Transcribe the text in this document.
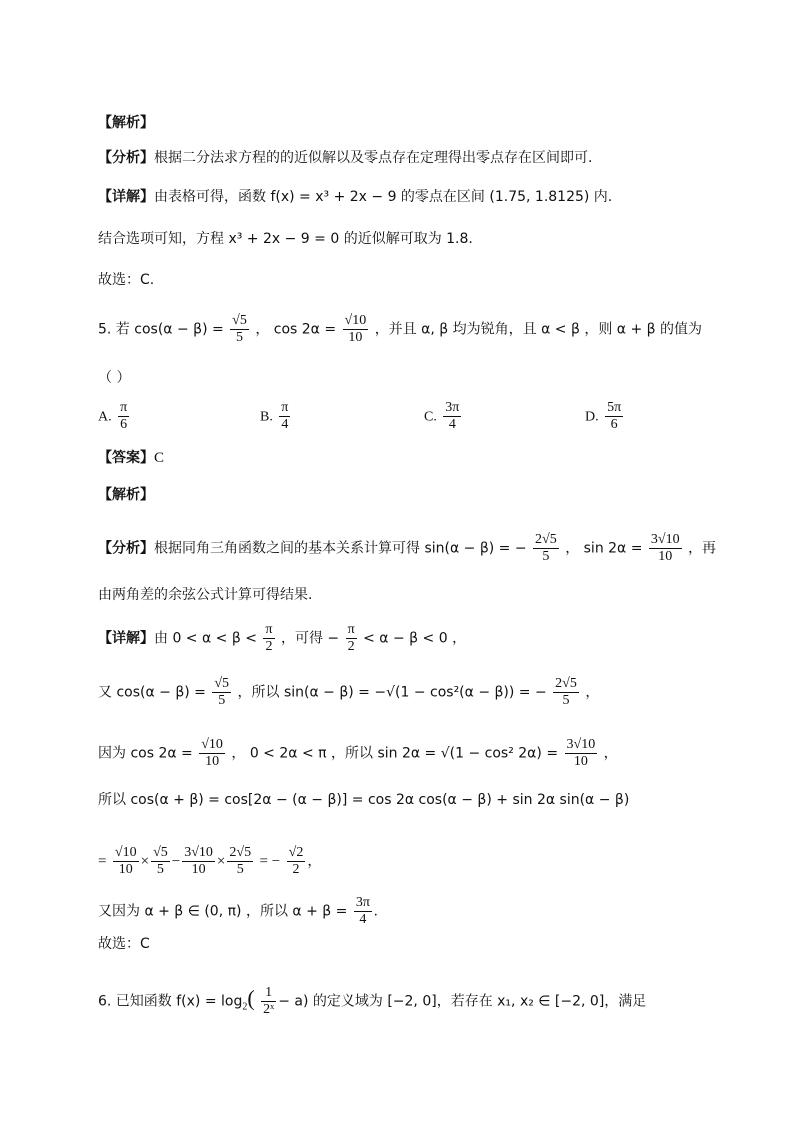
【解析】
【分析】根据二分法求方程的的近似解以及零点存在定理得出零点存在区间即可.
【详解】由表格可得，函数 f(x) = x³ + 2x − 9 的零点在区间 (1.75, 1.8125) 内.
结合选项可知，方程 x³ + 2x − 9 = 0 的近似解可取为 1.8.
故选：C.
5. 若 $\cos(\alpha - \beta) = \frac{√5}{5}$ ， $\cos 2\alpha = \frac{√10}{10}$ ，并且 α, β 均为锐角，且 α < β ，则 α + β 的值为
（ ）
A. $\frac{\pi}{6}$	B. $\frac{\pi}{4}$	C. $\frac{3\pi}{4}$	D. $\frac{5\pi}{6}$
【答案】C
【解析】
【分析】根据同角三角函数之间的基本关系计算可得 sin(α − β) = − $\frac{2√5}{5}$ ， $\sin 2\alpha = \frac{3√10}{10}$ ，再
由两角差的余弦公式计算可得结果.
【详解】由 $0 < \alpha < \beta < \frac{\pi}{2}$ ，可得 − $\frac{\pi}{2} < \alpha - \beta < 0$ ，
又 $\cos(\alpha - \beta) = \frac{√5}{5}$ ，所以 sin(α − β) = −√(1 − cos²(α − β)) = − $\frac{2√5}{5}$ ，
因为 $\cos 2\alpha = \frac{√10}{10}$ ， 0 < 2α < π ，所以 sin 2α = √(1 − cos² $2\alpha) = \frac{3√10}{10}$ ，
所以 cos(α + β) = cos[2α − (α − β)] = cos 2α cos(α − β) + sin 2α sin(α − β)
= $\frac{√10}{10} \times \frac{√5}{5} - \frac{3√10}{10} \times \frac{2√5}{5}$ = − $\frac{√2}{2}$ ，
又因为 α + β ∈ (0, π) ，所以 $\alpha + \beta = \frac{3\pi}{4}$ .
故选：C
6. 已知函数 $f(x) = \log_2( \frac{1}{\text{2ˣ}} - a)$ 的定义域为 [−2, 0]，若存在 x₁, x₂ ∈ [−2, 0]，满足
